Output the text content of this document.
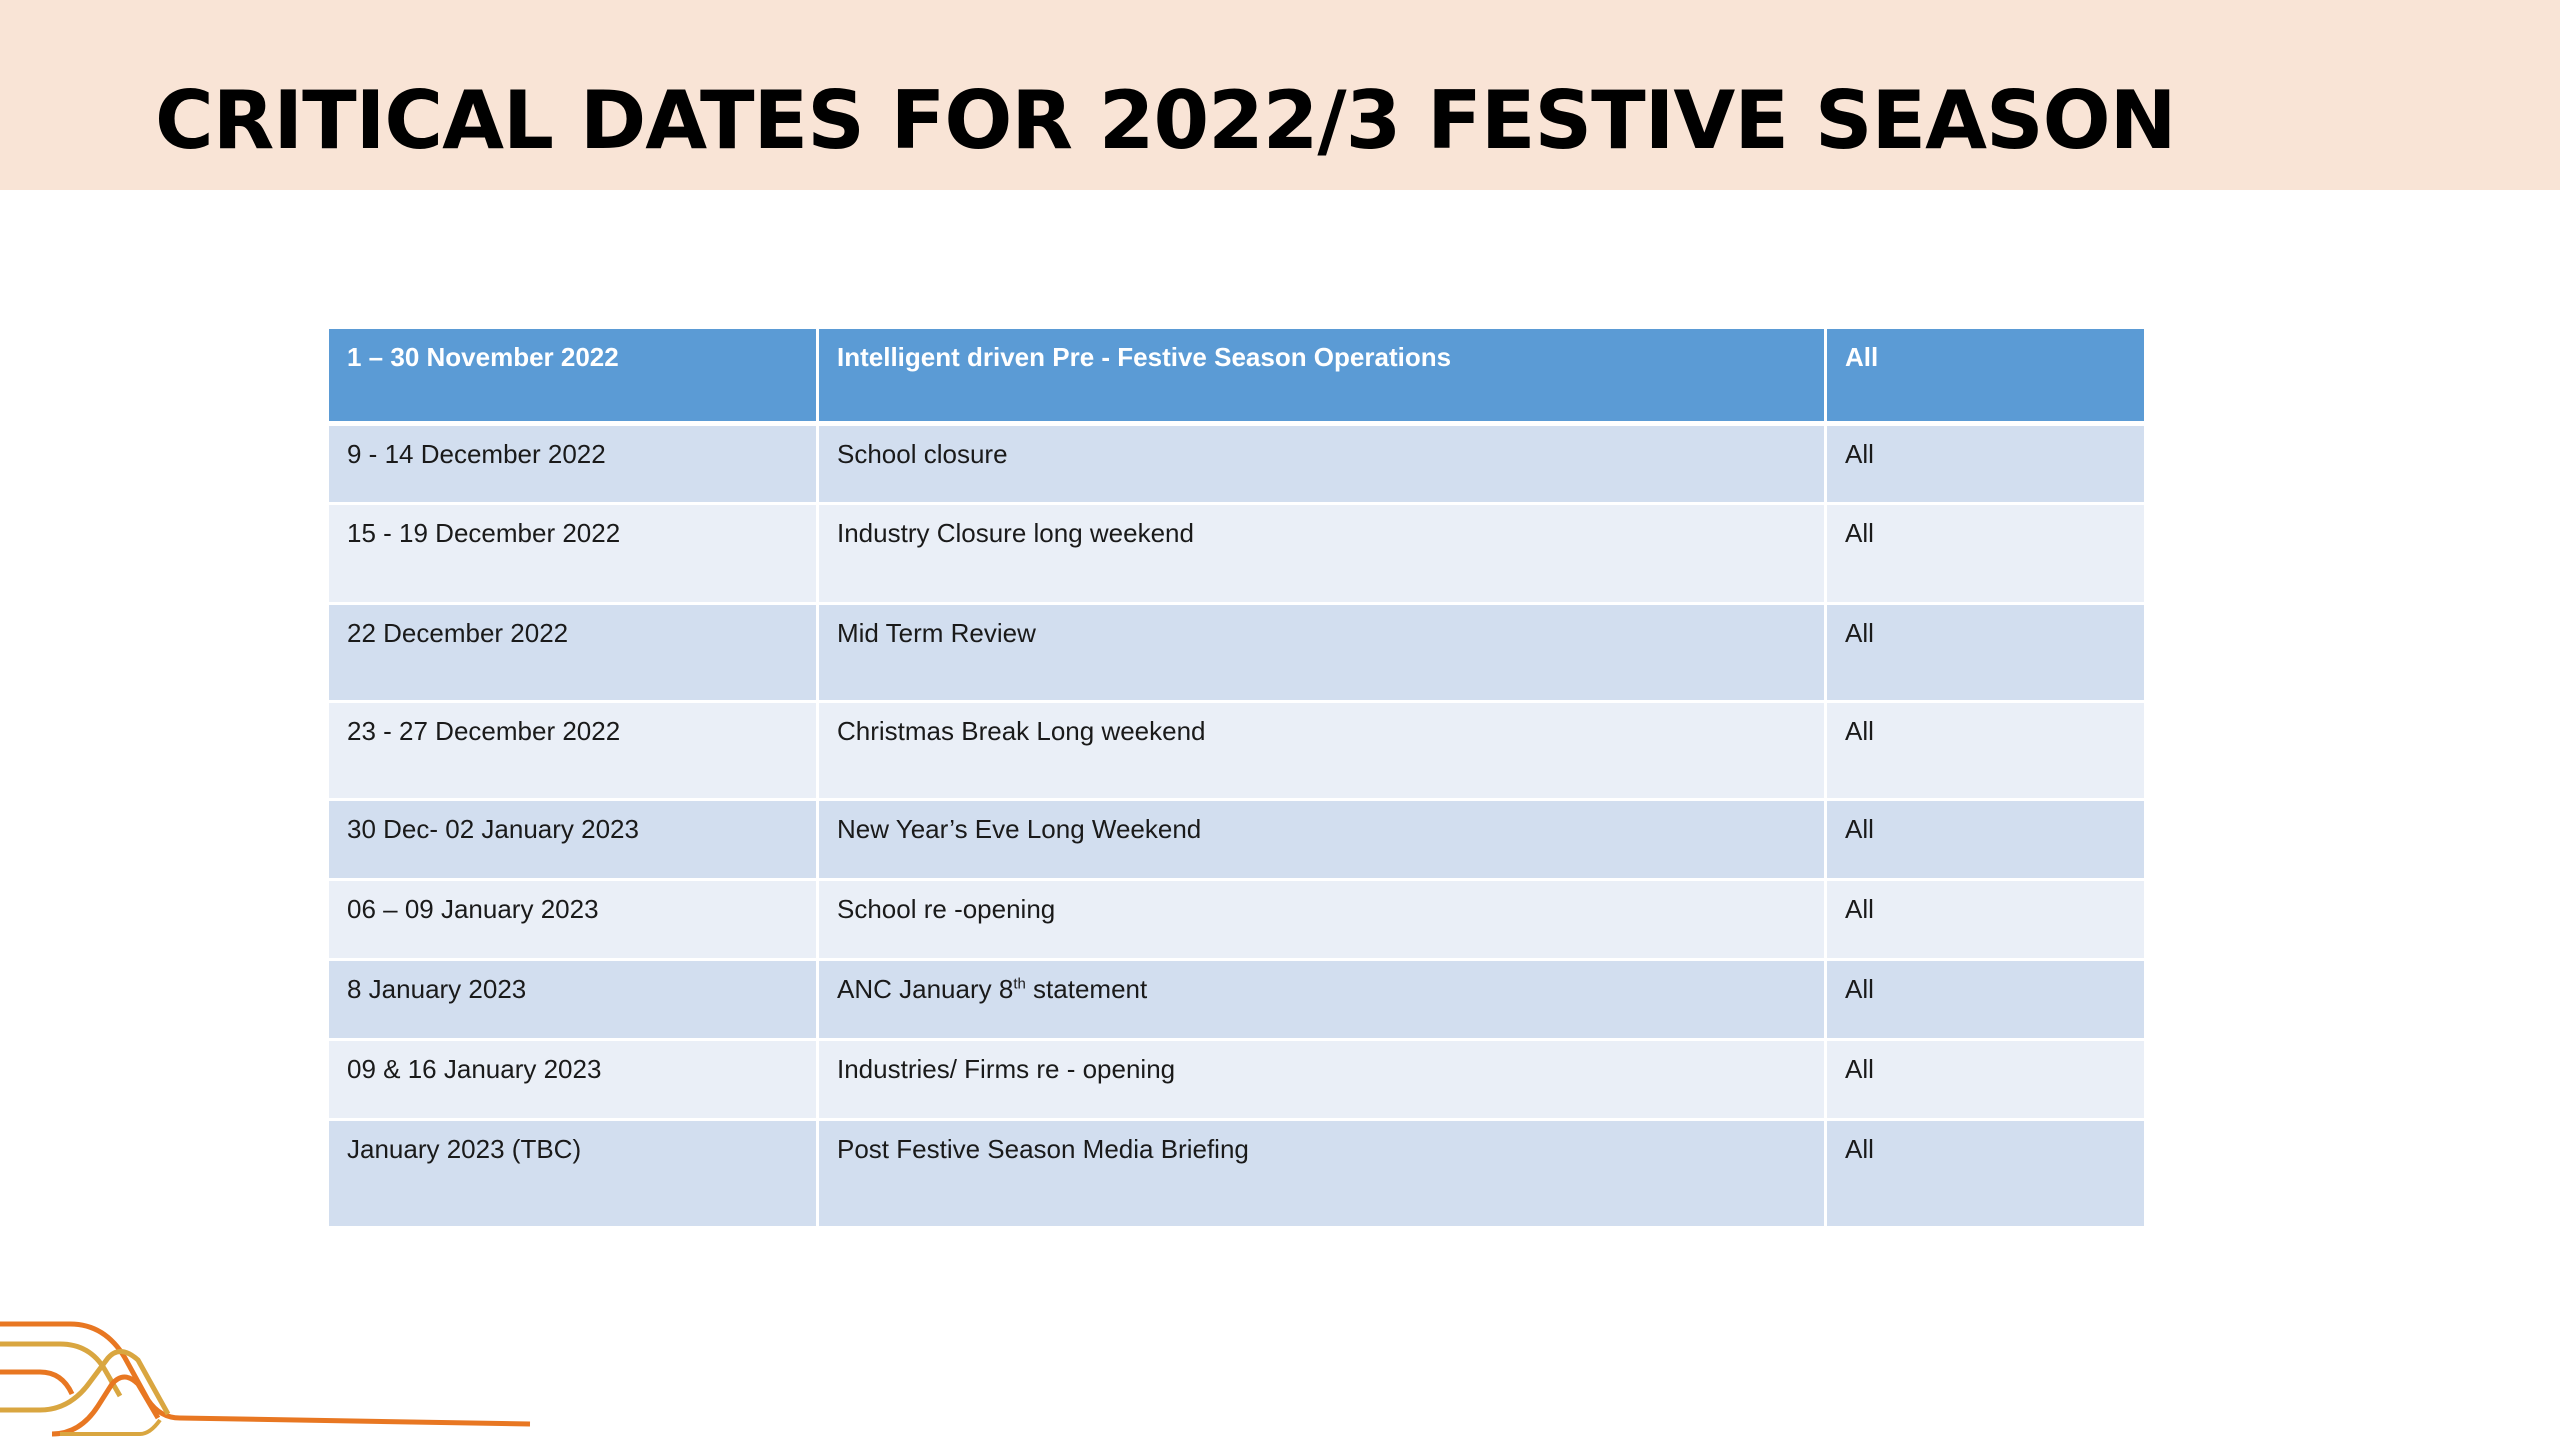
CRITICAL DATES FOR 2022/3 FESTIVE SEASON
1 – 30 November 2022	Intelligent driven Pre - Festive Season Operations	All
9 - 14 December 2022	School closure	All
15 - 19 December 2022	Industry Closure long weekend	All
22 December 2022	Mid Term Review	All
23 - 27 December 2022	Christmas Break Long weekend	All
30 Dec- 02 January 2023	New Year’s Eve Long Weekend	All
06 – 09 January 2023	School re -opening	All
8 January 2023	ANC January 8th statement	All
09 & 16 January 2023	Industries/ Firms re - opening	All
January 2023 (TBC)	Post Festive Season Media Briefing	All
